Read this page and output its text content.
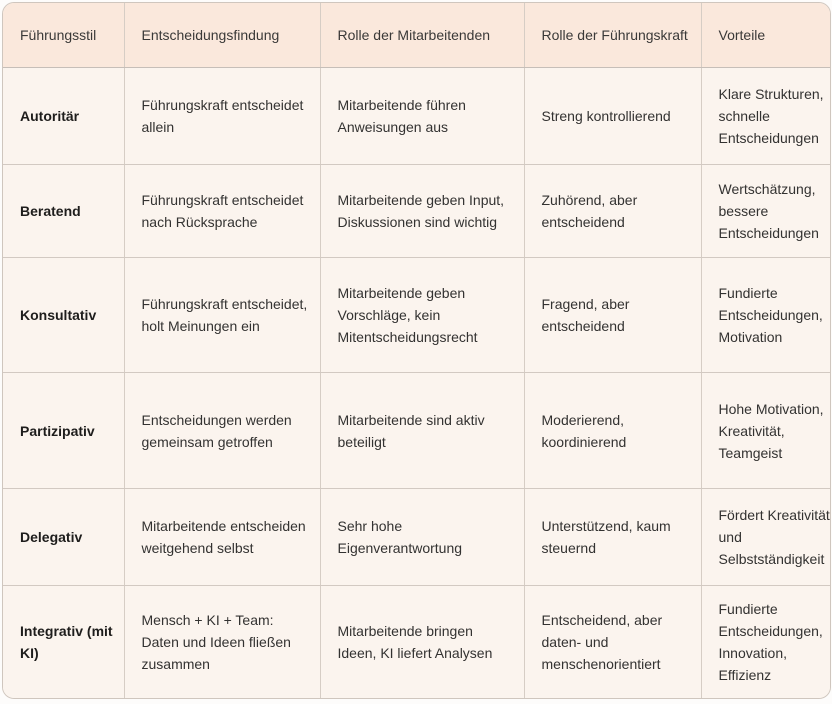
Führungsstil	Entscheidungsfindung	Rolle der Mitarbeitenden	Rolle der Führungskraft	Vorteile
Autoritär	Führungskraft entscheidet allein	Mitarbeitende führen Anweisungen aus	Streng kontrollierend	Klare Strukturen, schnelle Entscheidungen
Beratend	Führungskraft entscheidet nach Rücksprache	Mitarbeitende geben Input, Diskussionen sind wichtig	Zuhörend, aber entscheidend	Wertschätzung, bessere Entscheidungen
Konsultativ	Führungskraft entscheidet, holt Meinungen ein	Mitarbeitende geben Vorschläge, kein Mitentscheidungsrecht	Fragend, aber entscheidend	Fundierte Entscheidungen, Motivation
Partizipativ	Entscheidungen werden gemeinsam getroffen	Mitarbeitende sind aktiv beteiligt	Moderierend, koordinierend	Hohe Motivation, Kreativität, Teamgeist
Delegativ	Mitarbeitende entscheiden weitgehend selbst	Sehr hohe Eigenverantwortung	Unterstützend, kaum steuernd	Fördert Kreativität und Selbstständigkeit
Integrativ (mit KI)	Mensch + KI + Team: Daten und Ideen fließen zusammen	Mitarbeitende bringen Ideen, KI liefert Analysen	Entscheidend, aber daten- und menschenorientiert	Fundierte Entscheidungen, Innovation, Effizienz
